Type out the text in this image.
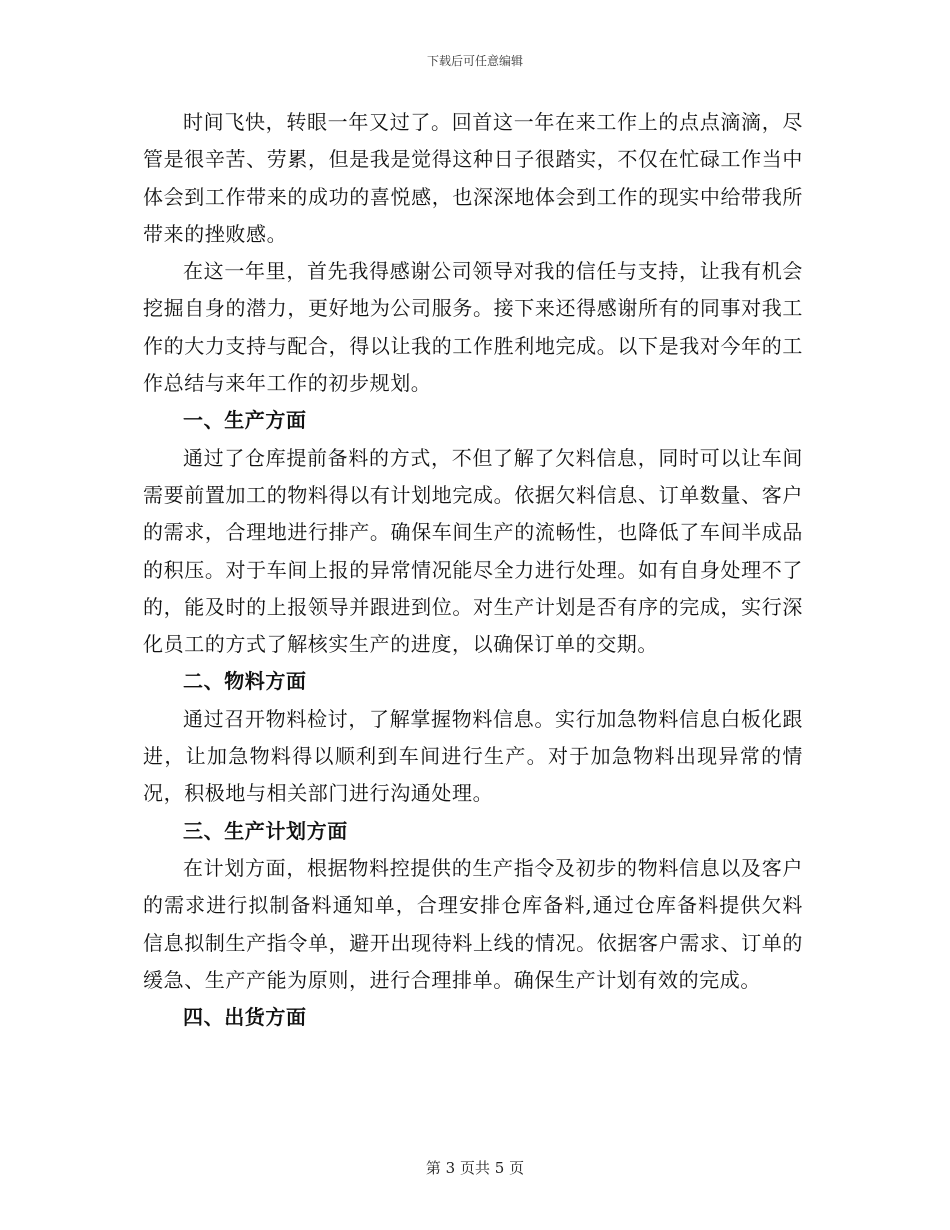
下载后可任意编辑

时间飞快，转眼一年又过了。回首这一年在来工作上的点点滴滴，尽管是很辛苦、劳累，但是我是觉得这种日子很踏实，不仅在忙碌工作当中体会到工作带来的成功的喜悦感，也深深地体会到工作的现实中给带我所带来的挫败感。

在这一年里，首先我得感谢公司领导对我的信任与支持，让我有机会挖掘自身的潜力，更好地为公司服务。接下来还得感谢所有的同事对我工作的大力支持与配合，得以让我的工作胜利地完成。以下是我对今年的工作总结与来年工作的初步规划。

一、生产方面

通过了仓库提前备料的方式，不但了解了欠料信息，同时可以让车间需要前置加工的物料得以有计划地完成。依据欠料信息、订单数量、客户的需求，合理地进行排产。确保车间生产的流畅性，也降低了车间半成品的积压。对于车间上报的异常情况能尽全力进行处理。如有自身处理不了的，能及时的上报领导并跟进到位。对生产计划是否有序的完成，实行深化员工的方式了解核实生产的进度，以确保订单的交期。

二、物料方面

通过召开物料检讨，了解掌握物料信息。实行加急物料信息白板化跟进，让加急物料得以顺利到车间进行生产。对于加急物料出现异常的情况，积极地与相关部门进行沟通处理。

三、生产计划方面

在计划方面，根据物料控提供的生产指令及初步的物料信息以及客户的需求进行拟制备料通知单，合理安排仓库备料,通过仓库备料提供欠料信息拟制生产指令单，避开出现待料上线的情况。依据客户需求、订单的缓急、生产产能为原则，进行合理排单。确保生产计划有效的完成。

四、出货方面

第 3 页共 5 页
